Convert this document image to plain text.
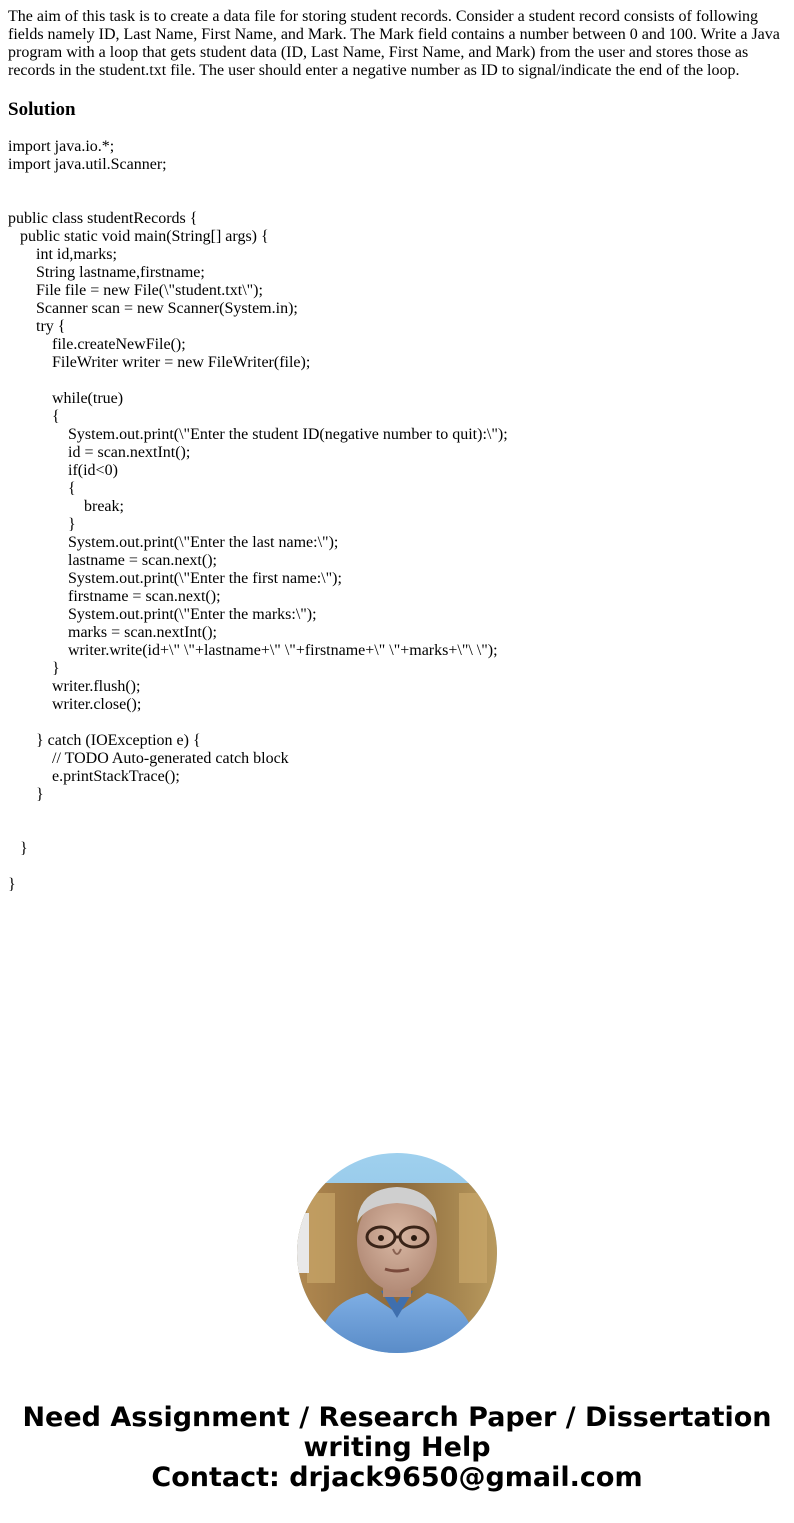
The aim of this task is to create a data file for storing student records. Consider a student record consists of following fields namely ID, Last Name, First Name, and Mark. The Mark field contains a number between 0 and 100. Write a Java program with a loop that gets student data (ID, Last Name, First Name, and Mark) from the user and stores those as records in the student.txt file. The user should enter a negative number as ID to signal/indicate the end of the loop.

Solution
import java.io.*;
import java.util.Scanner;
public class studentRecords {
public static void main(String[] args) {
int id,marks;
String lastname,firstname;
File file = new File(\"student.txt\");
Scanner scan = new Scanner(System.in);
try {
file.createNewFile();
FileWriter writer = new FileWriter(file);
while(true)
{
System.out.print(\"Enter the student ID(negative number to quit):\");
id = scan.nextInt();
if(id<0)
{
break;
}
System.out.print(\"Enter the last name:\");
lastname = scan.next();
System.out.print(\"Enter the first name:\");
firstname = scan.next();
System.out.print(\"Enter the marks:\");
marks = scan.nextInt();
writer.write(id+\" \"+lastname+\" \"+firstname+\" \"+marks+\"\ \");
}
writer.flush();
writer.close();
} catch (IOException e) {
// TODO Auto-generated catch block
e.printStackTrace();
}
}
}
Need Assignment / Research Paper / Dissertation
writing Help
Contact: drjack9650@gmail.com
